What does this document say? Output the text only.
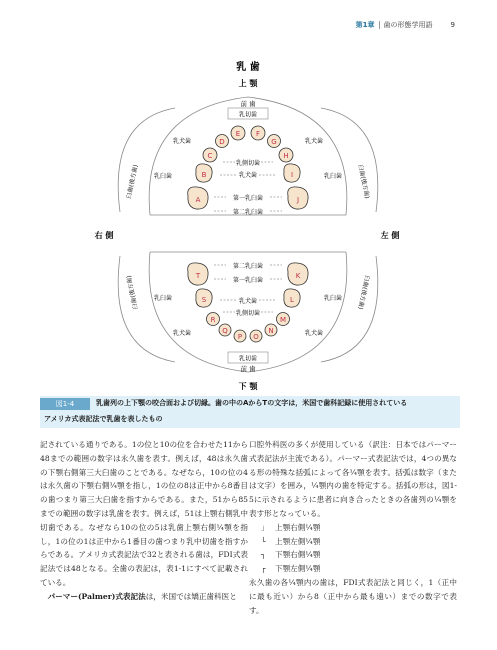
第1章 歯の形態学用語	9
乳 歯
上 顎
下 顎
右 側	左 側
前 歯
乳切歯
乳犬歯	乳犬歯
乳臼歯	乳臼歯
乳側切歯
乳犬歯
第一乳臼歯
第二乳臼歯
臼歯(後方歯)	臼歯(後方歯)
A
B
C
D
E F
G
H
I
J
第二乳臼歯
第一乳臼歯
乳犬歯
乳側切歯
乳臼歯	乳臼歯
乳犬歯	乳犬歯
乳切歯
前 歯
臼歯(後方歯)	臼歯(後方歯)
T
S
R
Q
P O
N
M
L
K
図1-4	乳歯列の上下顎の咬合面および切縁。歯の中のAからTの文字は，米国で歯科記録に使用されている
アメリカ式表記法で乳歯を表したもの

記されている通りである。1の位と10の位を合わせた11から48までの範囲の数字は永久歯を表す。例えば，48は永久歯の下顎右側第三大臼歯のことである。なぜなら，10の位の4は永久歯の下顎右側¼顎を指し，1の位の8は正中から8番目の歯つまり第三大臼歯を指すからである。また，51から85までの範囲の数字は乳歯を表す。例えば，51は上顎右側乳中切歯である。なぜなら10の位の5は乳歯上顎右側¼顎を指し，1の位の1は正中から1番目の歯つまり乳中切歯を指すからである。アメリカ式表記法で32と表される歯は，FDI式表記法では48となる。全歯の表記は，表1-1にすべて記載されている。

　パーマー(Palmer)式表記法は，米国では矯正歯科医と

口腔外科医の多くが使用している（訳注：日本ではパーマー式表記法が主流である）。パーマー式表記法では，4つの異なる形の特殊な括弧によって各¼顎を表す。括弧は数字（または文字）を囲み，¼顎内の歯を特定する。括弧の形は，図1-5に示されるように患者に向き合ったときの各歯列の¼顎を表す形となっている。

」 上顎右側¼顎
└ 上顎左側¼顎
┐ 下顎右側¼顎
┌ 下顎左側¼顎

永久歯の各¼顎内の歯は，FDI式表記法と同じく，1（正中に最も近い）から8（正中から最も遠い）までの数字で表す。
